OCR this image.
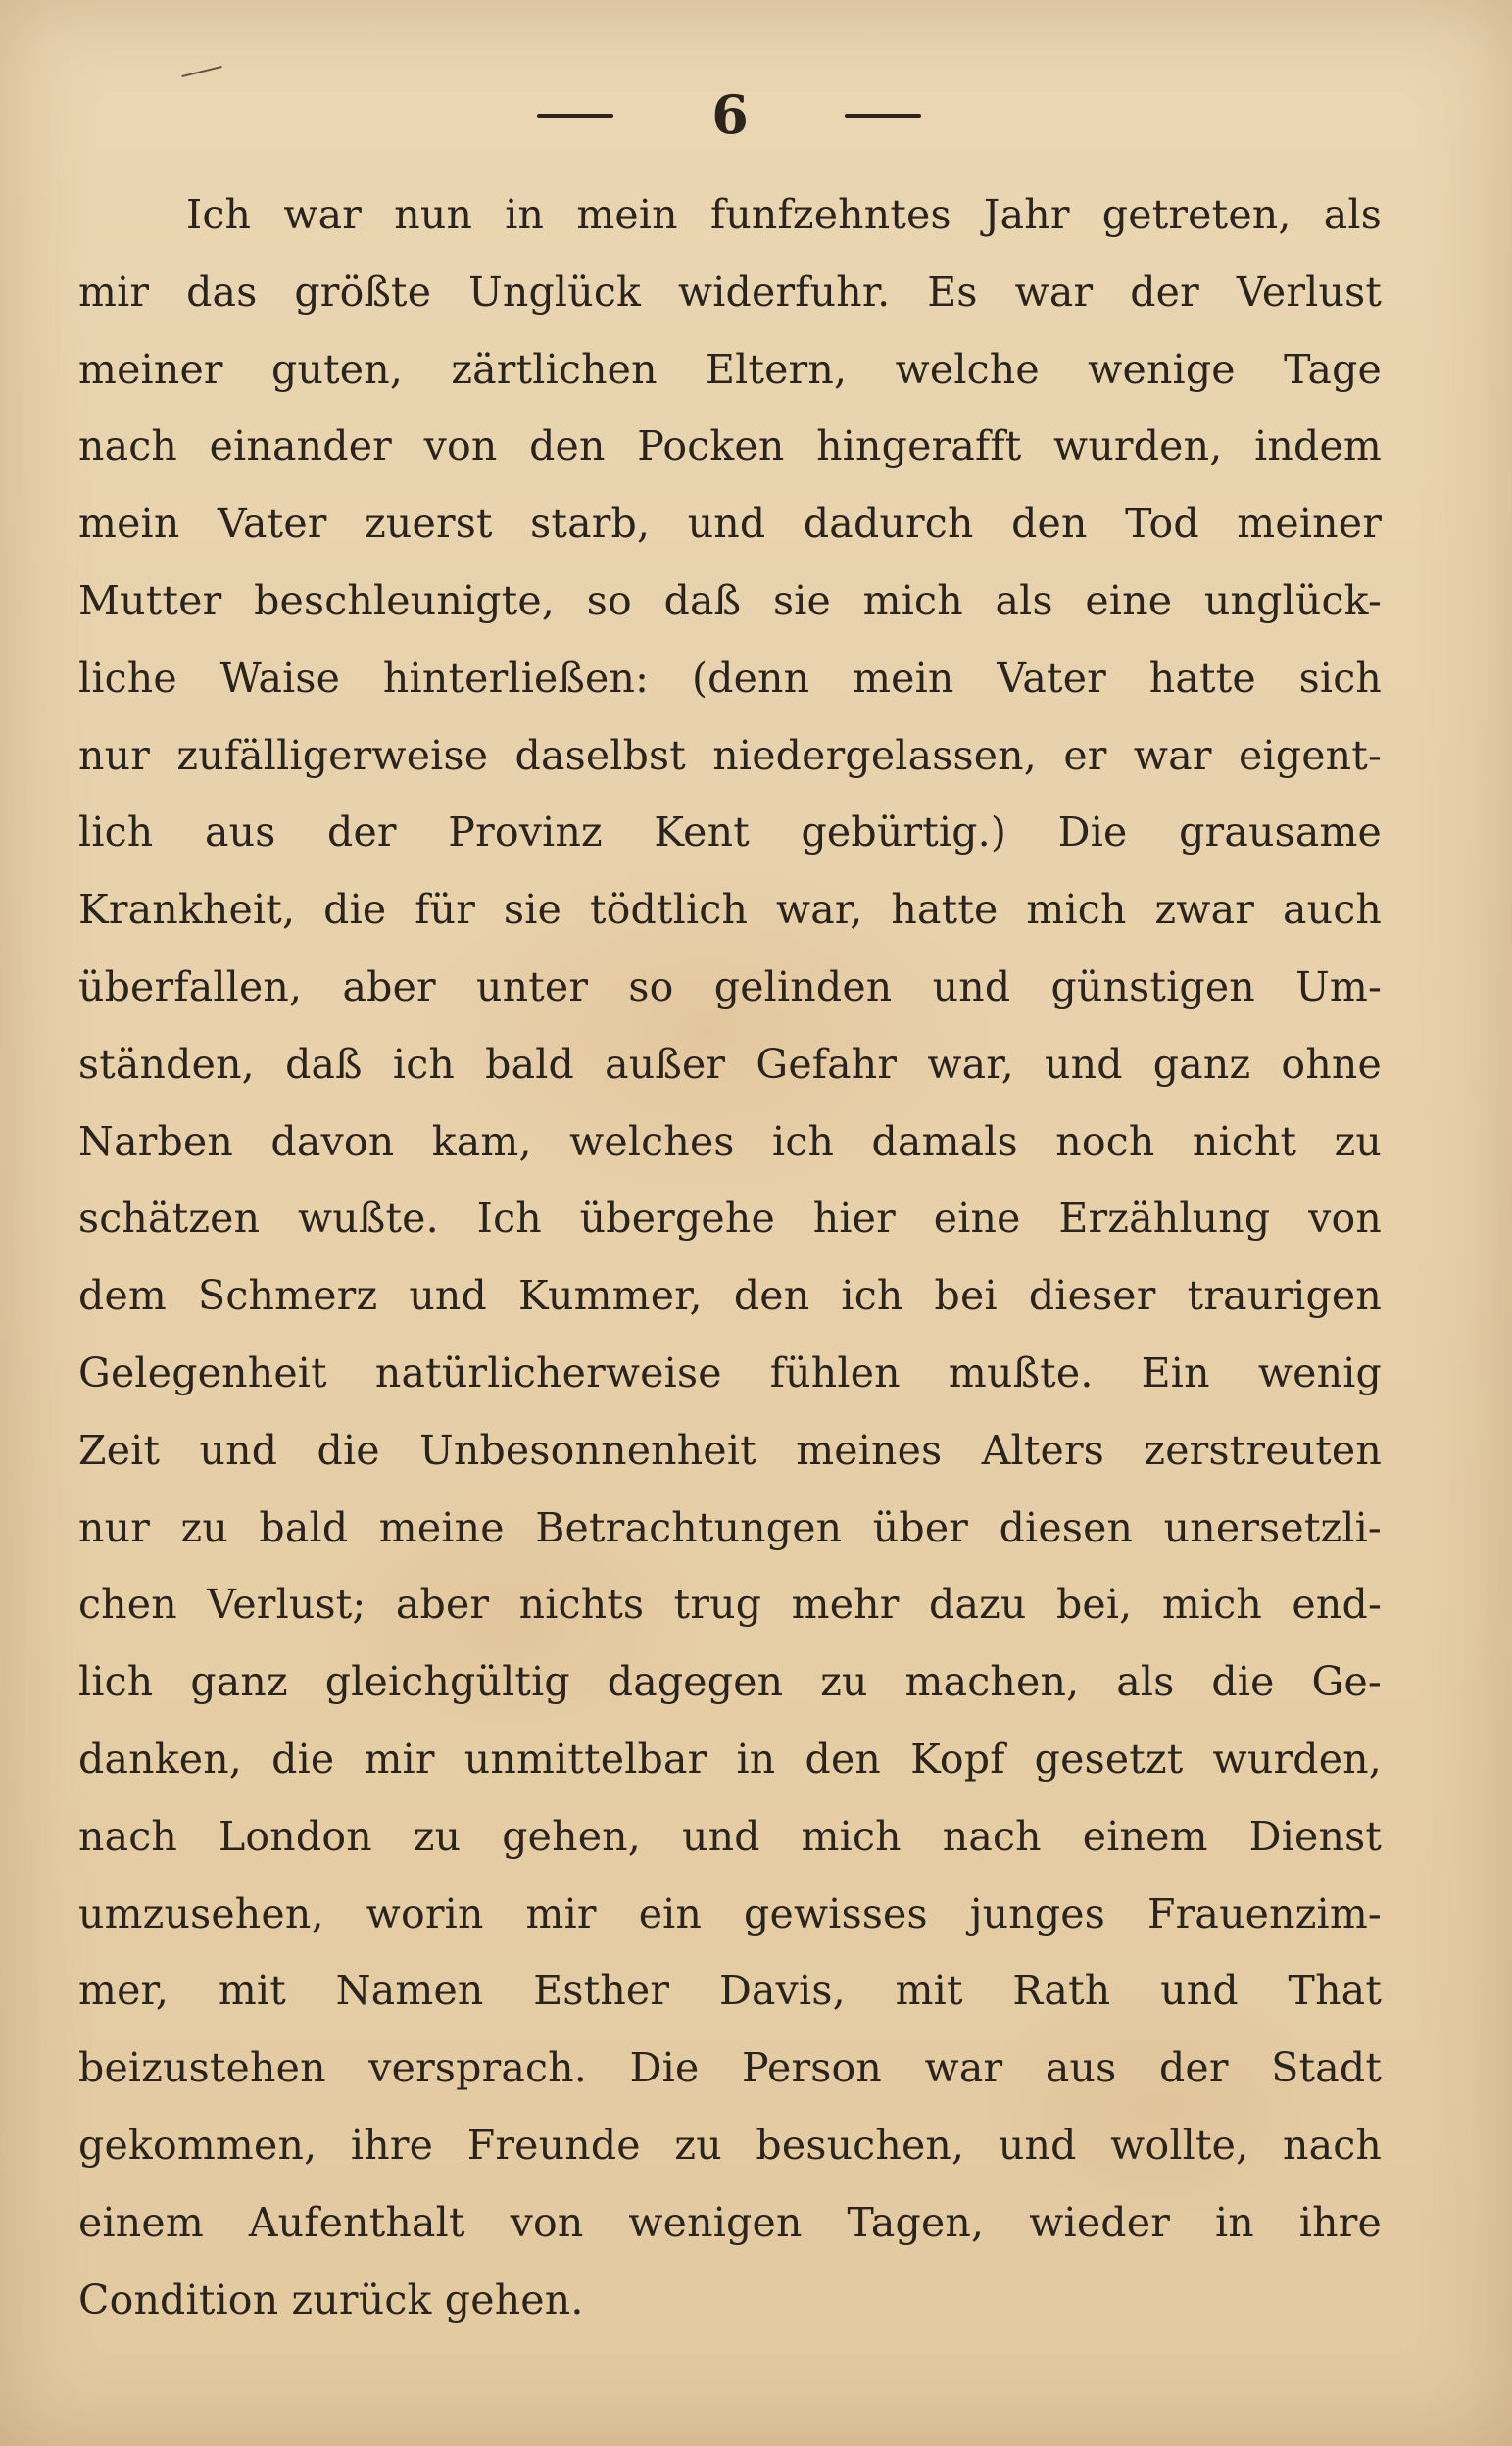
6
Ich war nun in mein funfzehntes Jahr getreten, als
mir das größte Unglück widerfuhr. Es war der Verlust
meiner guten, zärtlichen Eltern, welche wenige Tage
nach einander von den Pocken hingerafft wurden, indem
mein Vater zuerst starb, und dadurch den Tod meiner
Mutter beschleunigte, so daß sie mich als eine unglück-
liche Waise hinterließen: (denn mein Vater hatte sich
nur zufälligerweise daselbst niedergelassen, er war eigent-
lich aus der Provinz Kent gebürtig.) Die grausame
Krankheit, die für sie tödtlich war, hatte mich zwar auch
überfallen, aber unter so gelinden und günstigen Um-
ständen, daß ich bald außer Gefahr war, und ganz ohne
Narben davon kam, welches ich damals noch nicht zu
schätzen wußte. Ich übergehe hier eine Erzählung von
dem Schmerz und Kummer, den ich bei dieser traurigen
Gelegenheit natürlicherweise fühlen mußte. Ein wenig
Zeit und die Unbesonnenheit meines Alters zerstreuten
nur zu bald meine Betrachtungen über diesen unersetzli-
chen Verlust; aber nichts trug mehr dazu bei, mich end-
lich ganz gleichgültig dagegen zu machen, als die Ge-
danken, die mir unmittelbar in den Kopf gesetzt wurden,
nach London zu gehen, und mich nach einem Dienst
umzusehen, worin mir ein gewisses junges Frauenzim-
mer, mit Namen Esther Davis, mit Rath und That
beizustehen versprach. Die Person war aus der Stadt
gekommen, ihre Freunde zu besuchen, und wollte, nach
einem Aufenthalt von wenigen Tagen, wieder in ihre
Condition zurück gehen.
